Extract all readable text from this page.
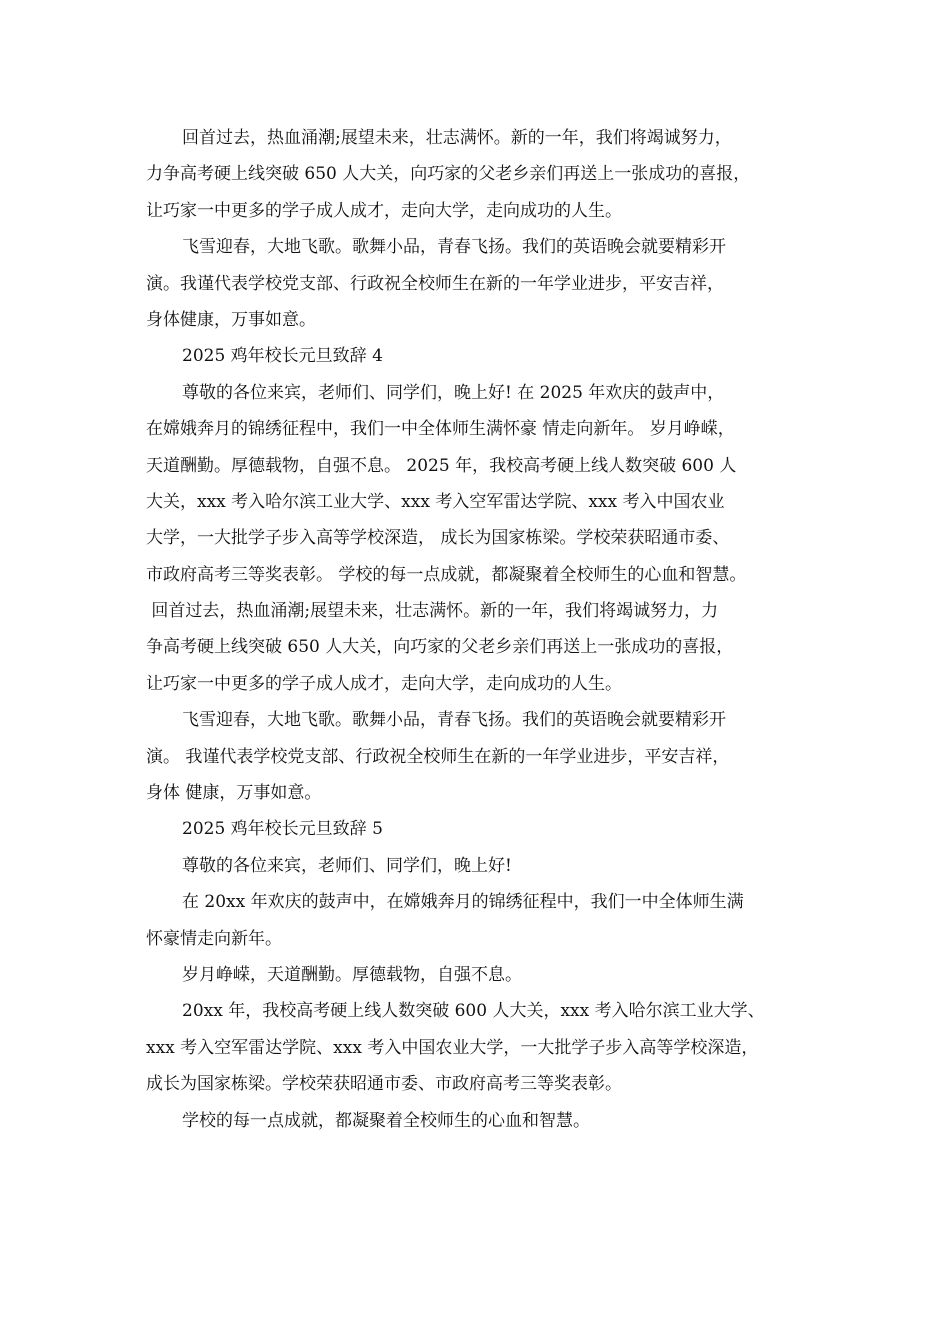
回首过去，热血涌潮;展望未来，壮志满怀。新的一年，我们将竭诚努力，
力争高考硬上线突破 650 人大关，向巧家的父老乡亲们再送上一张成功的喜报，
让巧家一中更多的学子成人成才，走向大学，走向成功的人生。
飞雪迎春，大地飞歌。歌舞小品，青春飞扬。我们的英语晚会就要精彩开
演。我谨代表学校党支部、行政祝全校师生在新的一年学业进步，平安吉祥，
身体健康，万事如意。
2025 鸡年校长元旦致辞 4
尊敬的各位来宾，老师们、同学们，晚上好! 在 2025 年欢庆的鼓声中，
在嫦娥奔月的锦绣征程中，我们一中全体师生满怀豪 情走向新年。 岁月峥嵘，
天道酬勤。厚德载物，自强不息。 2025 年，我校高考硬上线人数突破 600 人
大关，xxx 考入哈尔滨工业大学、xxx 考入空军雷达学院、xxx 考入中国农业
大学，一大批学子步入高等学校深造， 成长为国家栋梁。学校荣获昭通市委、
市政府高考三等奖表彰。 学校的每一点成就，都凝聚着全校师生的心血和智慧。
回首过去，热血涌潮;展望未来，壮志满怀。新的一年，我们将竭诚努力，力
争高考硬上线突破 650 人大关，向巧家的父老乡亲们再送上一张成功的喜报，
让巧家一中更多的学子成人成才，走向大学，走向成功的人生。
飞雪迎春，大地飞歌。歌舞小品，青春飞扬。我们的英语晚会就要精彩开
演。 我谨代表学校党支部、行政祝全校师生在新的一年学业进步，平安吉祥，
身体 健康，万事如意。
2025 鸡年校长元旦致辞 5
尊敬的各位来宾，老师们、同学们，晚上好!
在 20xx 年欢庆的鼓声中，在嫦娥奔月的锦绣征程中，我们一中全体师生满
怀豪情走向新年。
岁月峥嵘，天道酬勤。厚德载物，自强不息。
20xx 年，我校高考硬上线人数突破 600 人大关，xxx 考入哈尔滨工业大学、
xxx 考入空军雷达学院、xxx 考入中国农业大学，一大批学子步入高等学校深造，
成长为国家栋梁。学校荣获昭通市委、市政府高考三等奖表彰。
学校的每一点成就，都凝聚着全校师生的心血和智慧。
